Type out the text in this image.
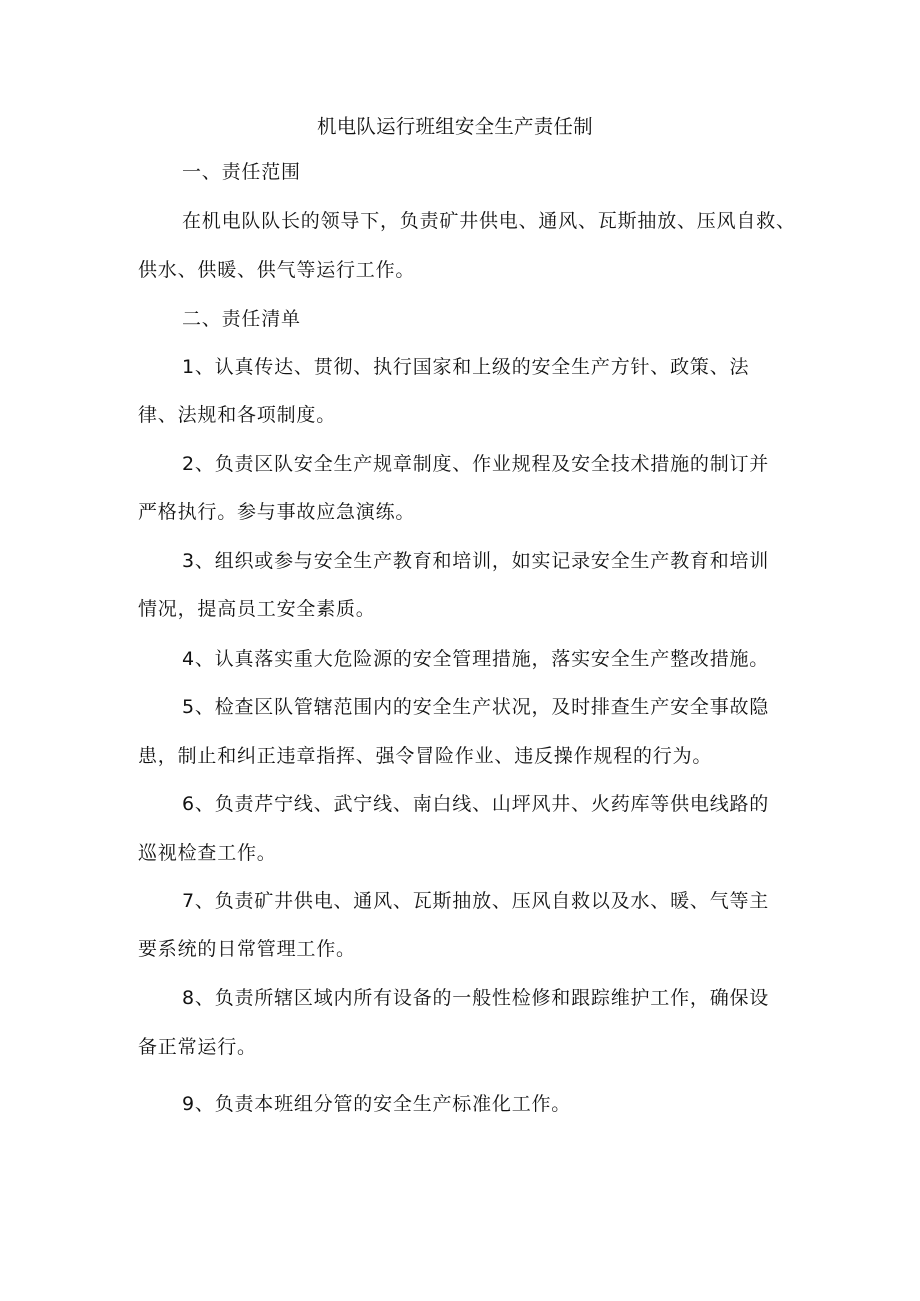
机电队运行班组安全生产责任制
一、责任范围
在机电队队长的领导下，负责矿井供电、通风、瓦斯抽放、压风自救、
供水、供暖、供气等运行工作。
二、责任清单
1、认真传达、贯彻、执行国家和上级的安全生产方针、政策、法
律、法规和各项制度。
2、负责区队安全生产规章制度、作业规程及安全技术措施的制订并
严格执行。参与事故应急演练。
3、组织或参与安全生产教育和培训，如实记录安全生产教育和培训
情况，提高员工安全素质。
4、认真落实重大危险源的安全管理措施，落实安全生产整改措施。
5、检查区队管辖范围内的安全生产状况，及时排查生产安全事故隐
患，制止和纠正违章指挥、强令冒险作业、违反操作规程的行为。
6、负责芹宁线、武宁线、南白线、山坪风井、火药库等供电线路的
巡视检查工作。
7、负责矿井供电、通风、瓦斯抽放、压风自救以及水、暖、气等主
要系统的日常管理工作。
8、负责所辖区域内所有设备的一般性检修和跟踪维护工作，确保设
备正常运行。
9、负责本班组分管的安全生产标准化工作。
